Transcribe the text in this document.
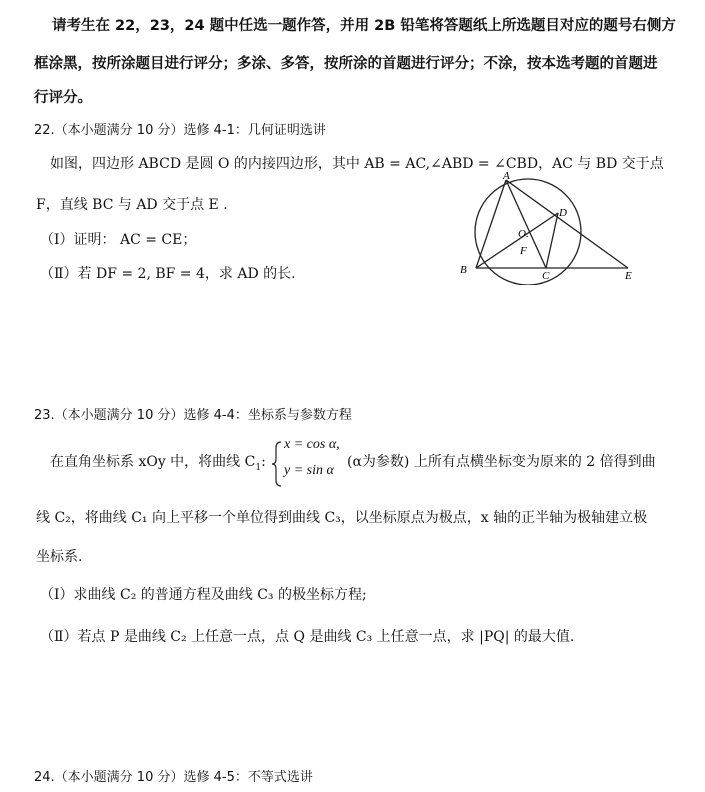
请考生在 22，23，24 题中任选一题作答，并用 2B 铅笔将答题纸上所选题目对应的题号右侧方
框涂黑，按所涂题目进行评分；多涂、多答，按所涂的首题进行评分；不涂，按本选考题的首题进
行评分。
22.（本小题满分 10 分）选修 4-1：几何证明选讲
如图，四边形 ABCD 是圆 O 的内接四边形，其中 AB = AC,∠ABD = ∠CBD，AC 与 BD 交于点
F，直线 BC 与 AD 交于点 E .
（Ⅰ）证明： AC = CE；
（Ⅱ）若 DF = 2, BF = 4，求 AD 的长.
A
B	C
D
E
F
O.
23.（本小题满分 10 分）选修 4-4：坐标系与参数方程
在直角坐标系 xOy 中，将曲线 $C_1$:
x = cos α,
y = sin α
(α为参数) 上所有点横坐标变为原来的 2 倍得到曲
线 C₂，将曲线 C₁ 向上平移一个单位得到曲线 C₃，以坐标原点为极点，x 轴的正半轴为极轴建立极
坐标系.
（Ⅰ）求曲线 C₂ 的普通方程及曲线 C₃ 的极坐标方程;
（Ⅱ）若点 P 是曲线 C₂ 上任意一点，点 Q 是曲线 C₃ 上任意一点，求 |PQ| 的最大值.
24.（本小题满分 10 分）选修 4-5：不等式选讲
